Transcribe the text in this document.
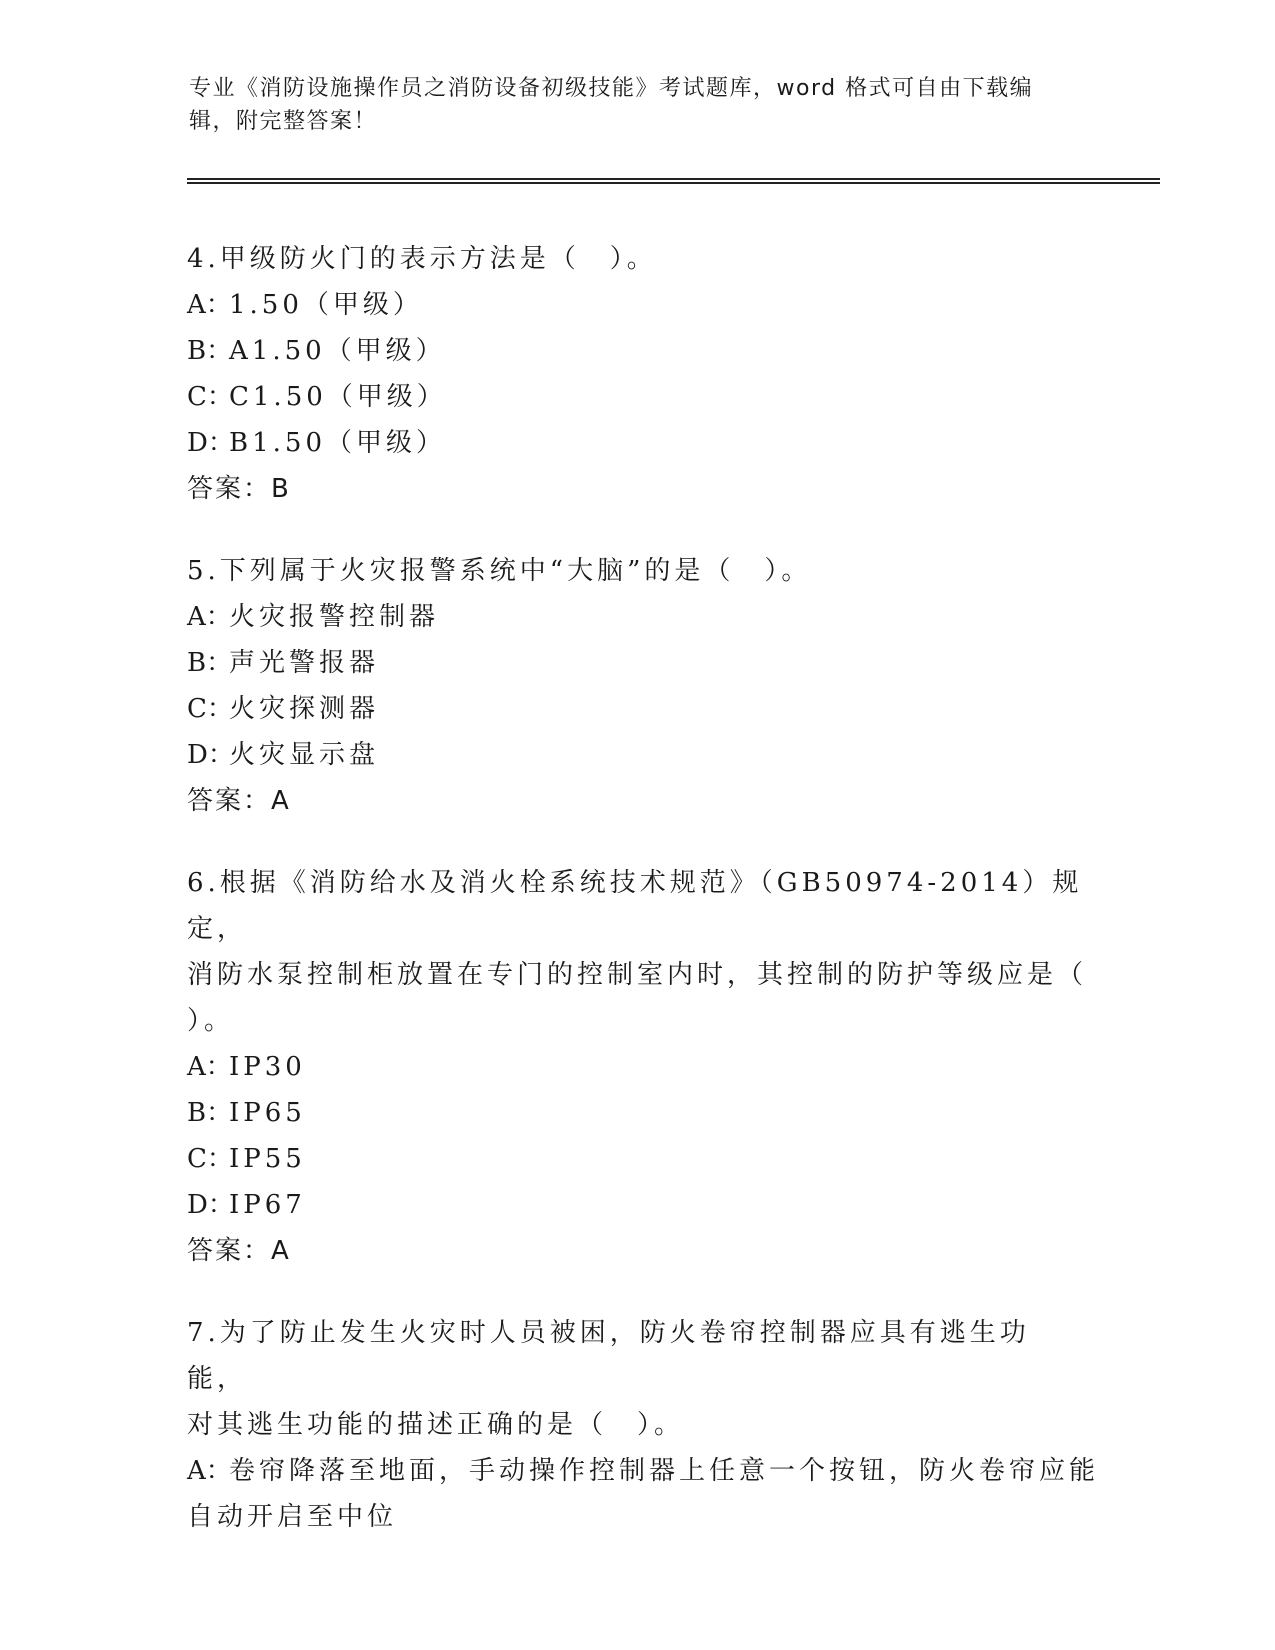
专业《消防设施操作员之消防设备初级技能》考试题库，word 格式可自由下载编
辑，附完整答案！
4.甲级防火门的表示方法是（　）。
A：1.50（甲级）
B：A1.50（甲级）
C：C1.50（甲级）
D：B1.50（甲级）
答案：B
5.下列属于火灾报警系统中“大脑”的是（　）。
A：火灾报警控制器
B：声光警报器
C：火灾探测器
D：火灾显示盘
答案：A
6.根据《消防给水及消火栓系统技术规范》（GB50974-2014）规定，
消防水泵控制柜放置在专门的控制室内时，其控制的防护等级应是（
）。
A：IP30
B：IP65
C：IP55
D：IP67
答案：A
7.为了防止发生火灾时人员被困，防火卷帘控制器应具有逃生功能，
对其逃生功能的描述正确的是（　）。
A：卷帘降落至地面，手动操作控制器上任意一个按钮，防火卷帘应能
自动开启至中位
